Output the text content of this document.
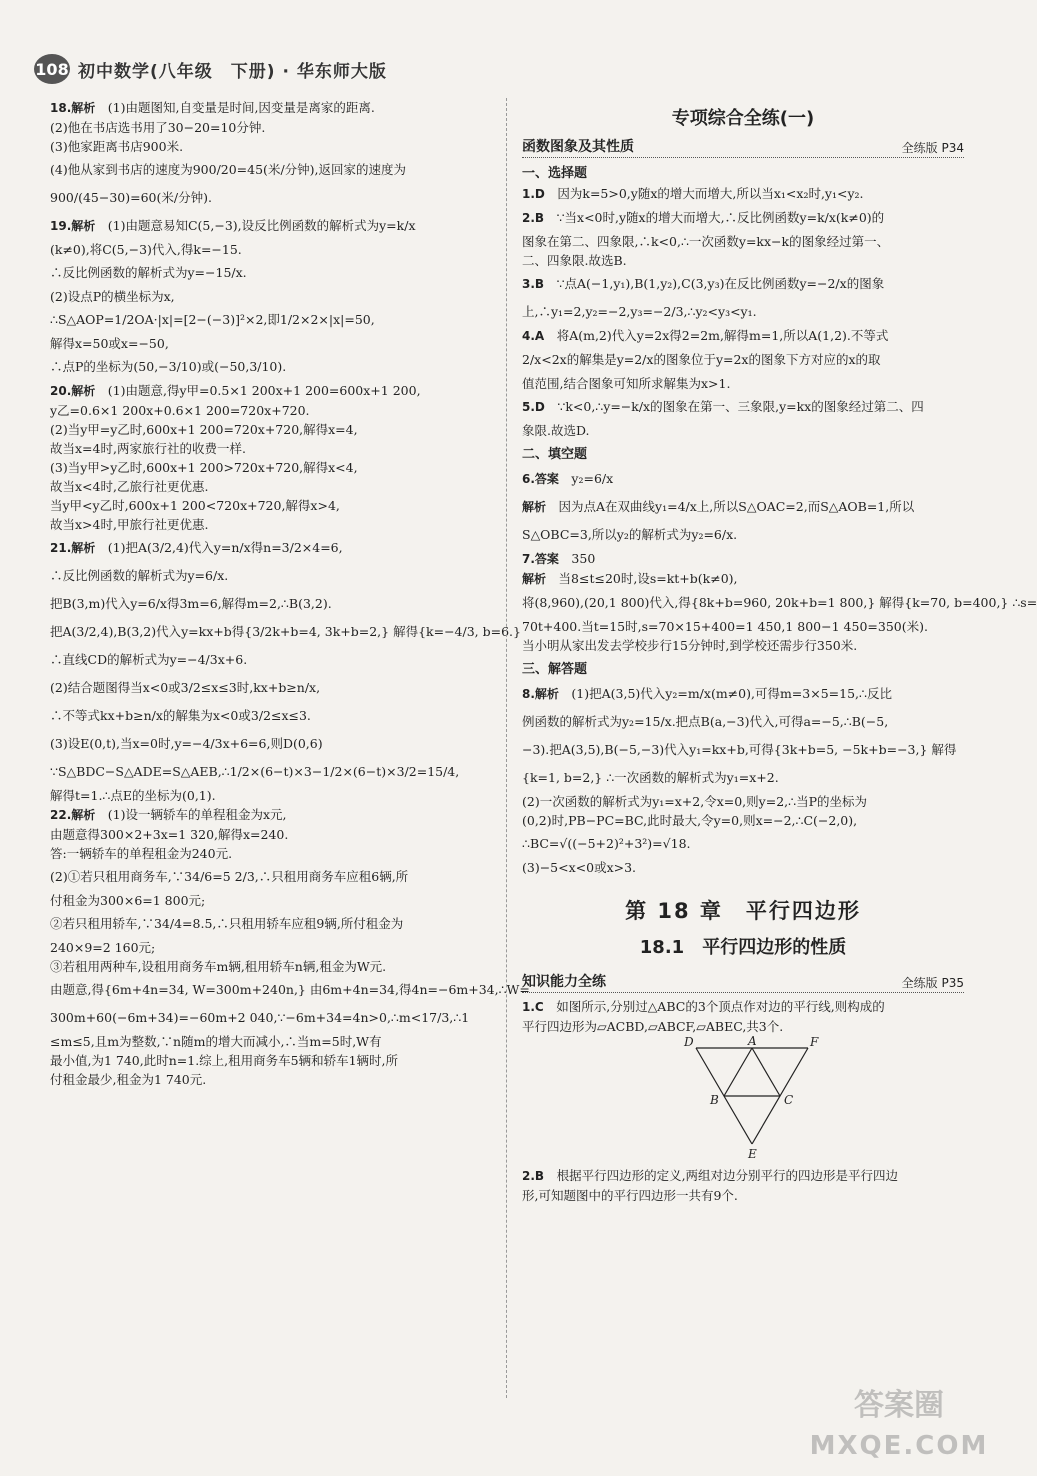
108 初中数学(八年级　下册) · 华东师大版
18.解析  (1)由题图知,自变量是时间,因变量是离家的距离.
(2)他在书店选书用了30−20=10分钟.
(3)他家距离书店900米.
(4)他从家到书店的速度为900/20=45(米/分钟),返回家的速度为
900/(45−30)=60(米/分钟).
19.解析  (1)由题意易知C(5,−3),设反比例函数的解析式为y=k/x
(k≠0),将C(5,−3)代入,得k=−15.
∴反比例函数的解析式为y=−15/x.
(2)设点P的横坐标为x,
∴S△AOP=1/2OA·|x|=[2−(−3)]²×2,即1/2×2×|x|=50,
解得x=50或x=−50,
∴点P的坐标为(50,−3/10)或(−50,3/10).
20.解析  (1)由题意,得y甲=0.5×1 200x+1 200=600x+1 200,
y乙=0.6×1 200x+0.6×1 200=720x+720.
(2)当y甲=y乙时,600x+1 200=720x+720,解得x=4,
故当x=4时,两家旅行社的收费一样.
(3)当y甲>y乙时,600x+1 200>720x+720,解得x<4,
故当x<4时,乙旅行社更优惠.
当y甲<y乙时,600x+1 200<720x+720,解得x>4,
故当x>4时,甲旅行社更优惠.
21.解析  (1)把A(3/2,4)代入y=n/x得n=3/2×4=6,
∴反比例函数的解析式为y=6/x.
把B(3,m)代入y=6/x得3m=6,解得m=2,∴B(3,2).
把A(3/2,4),B(3,2)代入y=kx+b得{3/2k+b=4, 3k+b=2,} 解得{k=−4/3, b=6.}
∴直线CD的解析式为y=−4/3x+6.
(2)结合题图得当x<0或3/2≤x≤3时,kx+b≥n/x,
∴不等式kx+b≥n/x的解集为x<0或3/2≤x≤3.
(3)设E(0,t),当x=0时,y=−4/3x+6=6,则D(0,6)
∵S△BDC−S△ADE=S△AEB,∴1/2×(6−t)×3−1/2×(6−t)×3/2=15/4,
解得t=1.∴点E的坐标为(0,1).
22.解析  (1)设一辆轿车的单程租金为x元,
由题意得300×2+3x=1 320,解得x=240.
答:一辆轿车的单程租金为240元.
(2)①若只租用商务车,∵34/6=5 2/3,∴只租用商务车应租6辆,所
付租金为300×6=1 800元;
②若只租用轿车,∵34/4=8.5,∴只租用轿车应租9辆,所付租金为
240×9=2 160元;
③若租用两种车,设租用商务车m辆,租用轿车n辆,租金为W元.
由题意,得{6m+4n=34, W=300m+240n,} 由6m+4n=34,得4n=−6m+34,∴W=
300m+60(−6m+34)=−60m+2 040,∵−6m+34=4n>0,∴m<17/3,∴1
≤m≤5,且m为整数,∵n随m的增大而减小,∴当m=5时,W有
最小值,为1 740,此时n=1.综上,租用商务车5辆和轿车1辆时,所
付租金最少,租金为1 740元.
专项综合全练(一)
函数图象及其性质	全练版 P34
一、选择题
1.D  因为k=5>0,y随x的增大而增大,所以当x₁<x₂时,y₁<y₂.
2.B  ∵当x<0时,y随x的增大而增大,∴反比例函数y=k/x(k≠0)的
图象在第二、四象限,∴k<0,∴一次函数y=kx−k的图象经过第一、
二、四象限.故选B.
3.B  ∵点A(−1,y₁),B(1,y₂),C(3,y₃)在反比例函数y=−2/x的图象
上,∴y₁=2,y₂=−2,y₃=−2/3,∴y₂<y₃<y₁.
4.A  将A(m,2)代入y=2x得2=2m,解得m=1,所以A(1,2).不等式
2/x<2x的解集是y=2/x的图象位于y=2x的图象下方对应的x的取
值范围,结合图象可知所求解集为x>1.
5.D  ∵k<0,∴y=−k/x的图象在第一、三象限,y=kx的图象经过第二、四
象限.故选D.
二、填空题
6.答案  y₂=6/x
解析  因为点A在双曲线y₁=4/x上,所以S△OAC=2,而S△AOB=1,所以
S△OBC=3,所以y₂的解析式为y₂=6/x.
7.答案  350
解析  当8≤t≤20时,设s=kt+b(k≠0),
将(8,960),(20,1 800)代入,得{8k+b=960, 20k+b=1 800,} 解得{k=70, b=400,} ∴s=
70t+400.当t=15时,s=70×15+400=1 450,1 800−1 450=350(米).
当小明从家出发去学校步行15分钟时,到学校还需步行350米.
三、解答题
8.解析  (1)把A(3,5)代入y₂=m/x(m≠0),可得m=3×5=15,∴反比
例函数的解析式为y₂=15/x.把点B(a,−3)代入,可得a=−5,∴B(−5,
−3).把A(3,5),B(−5,−3)代入y₁=kx+b,可得{3k+b=5, −5k+b=−3,} 解得
{k=1, b=2,} ∴一次函数的解析式为y₁=x+2.
(2)一次函数的解析式为y₁=x+2,令x=0,则y=2,∴当P的坐标为
(0,2)时,PB−PC=BC,此时最大,令y=0,则x=−2,∴C(−2,0),
∴BC=√((−5+2)²+3²)=√18.
(3)−5<x<0或x>3.
第 18 章　平行四边形
18.1　平行四边形的性质
知识能力全练	全练版 P35
1.C  如图所示,分别过△ABC的3个顶点作对边的平行线,则构成的
平行四边形为▱ACBD,▱ABCF,▱ABEC,共3个.
D	A	F
B	C
E
2.B  根据平行四边形的定义,两组对边分别平行的四边形是平行四边
形,可知题图中的平行四边形一共有9个.
答案圈
MXQE.COM
